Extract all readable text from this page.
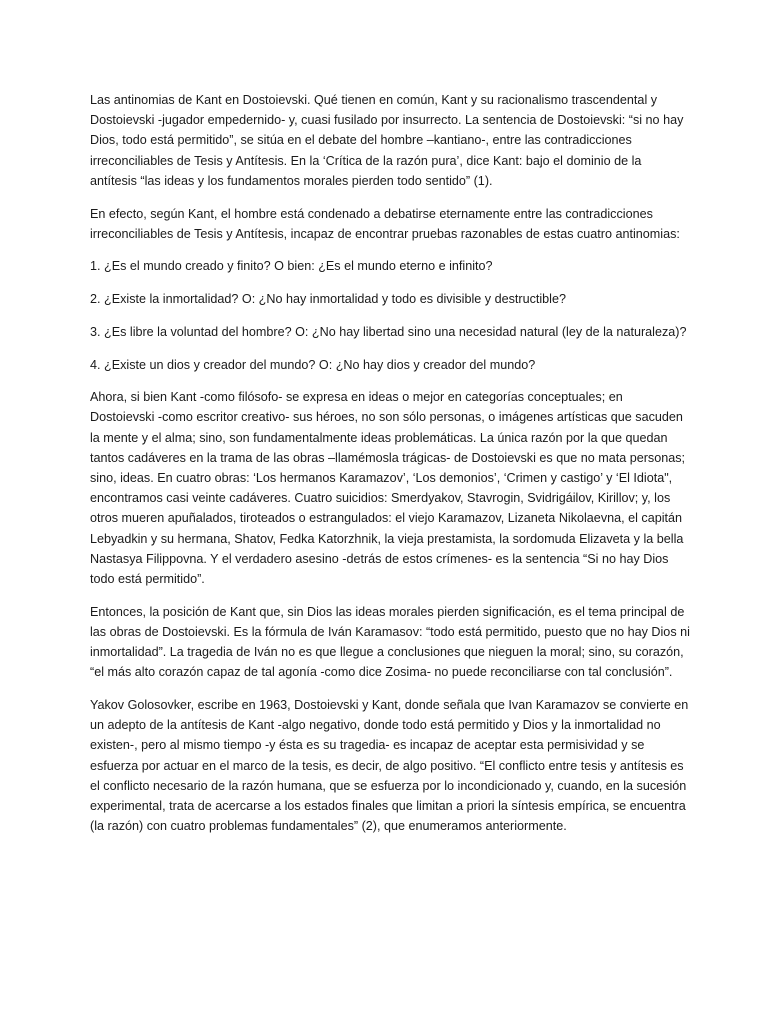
Las antinomias de Kant en Dostoievski. Qué tienen en común, Kant y su racionalismo trascendental y Dostoievski -jugador empedernido- y, cuasi fusilado por insurrecto. La sentencia de Dostoievski: “si no hay Dios, todo está permitido”, se sitúa en el debate del hombre –kantiano-, entre las contradicciones irreconciliables de Tesis y Antítesis. En la ‘Crítica de la razón pura’, dice Kant: bajo el dominio de la antítesis “las ideas y los fundamentos morales pierden todo sentido” (1).

En efecto, según Kant, el hombre está condenado a debatirse eternamente entre las contradicciones irreconciliables de Tesis y Antítesis, incapaz de encontrar pruebas razonables de estas cuatro antinomias:

1. ¿Es el mundo creado y finito? O bien: ¿Es el mundo eterno e infinito?

2. ¿Existe la inmortalidad? O: ¿No hay inmortalidad y todo es divisible y destructible?

3. ¿Es libre la voluntad del hombre? O: ¿No hay libertad sino una necesidad natural (ley de la naturaleza)?

4. ¿Existe un dios y creador del mundo? O: ¿No hay dios y creador del mundo?

Ahora, si bien Kant -como filósofo- se expresa en ideas o mejor en categorías conceptuales; en Dostoievski -como escritor creativo- sus héroes, no son sólo personas, o imágenes artísticas que sacuden la mente y el alma; sino, son fundamentalmente ideas problemáticas. La única razón por la que quedan tantos cadáveres en la trama de las obras –llamémosla trágicas- de Dostoievski es que no mata personas; sino, ideas. En cuatro obras: ‘Los hermanos Karamazov’, ‘Los demonios’, ‘Crimen y castigo’ y ‘El Idiota", encontramos casi veinte cadáveres. Cuatro suicidios: Smerdyakov, Stavrogin, Svidrigáilov, Kirillov; y, los otros mueren apuñalados, tiroteados o estrangulados: el viejo Karamazov, Lizaneta Nikolaevna, el capitán Lebyadkin y su hermana, Shatov, Fedka Katorzhnik, la vieja prestamista, la sordomuda Elizaveta y la bella Nastasya Filippovna. Y el verdadero asesino -detrás de estos crímenes- es la sentencia “Si no hay Dios todo está permitido”.

Entonces, la posición de Kant que, sin Dios las ideas morales pierden significación, es el tema principal de las obras de Dostoievski. Es la fórmula de Iván Karamasov: “todo está permitido, puesto que no hay Dios ni inmortalidad”. La tragedia de Iván no es que llegue a conclusiones que nieguen la moral; sino, su corazón, “el más alto corazón capaz de tal agonía -como dice Zosima- no puede reconciliarse con tal conclusión”.

Yakov Golosovker, escribe en 1963, Dostoievski y Kant, donde señala que Ivan Karamazov se convierte en un adepto de la antítesis de Kant -algo negativo, donde todo está permitido y Dios y la inmortalidad no existen-, pero al mismo tiempo -y ésta es su tragedia- es incapaz de aceptar esta permisividad y se esfuerza por actuar en el marco de la tesis, es decir, de algo positivo. “El conflicto entre tesis y antítesis es el conflicto necesario de la razón humana, que se esfuerza por lo incondicionado y, cuando, en la sucesión experimental, trata de acercarse a los estados finales que limitan a priori la síntesis empírica, se encuentra (la razón) con cuatro problemas fundamentales” (2), que enumeramos anteriormente.
